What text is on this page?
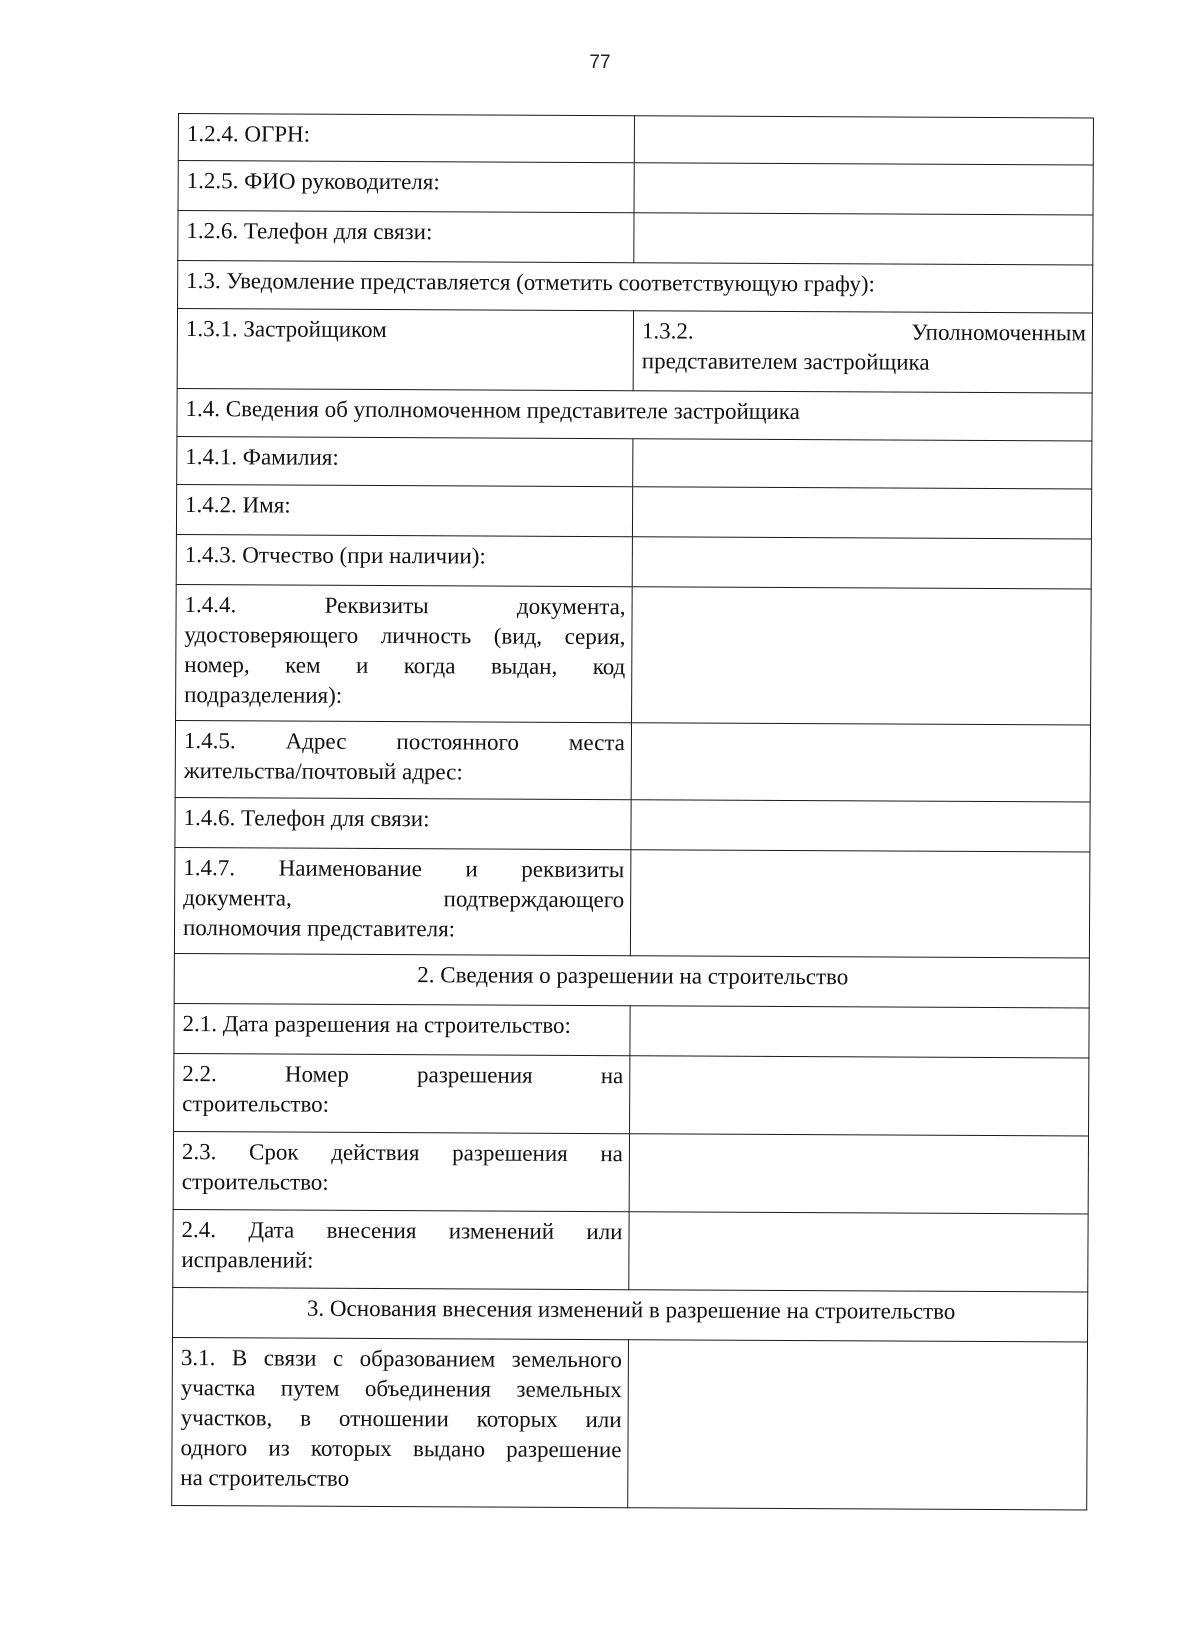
77
1.2.4. ОГРН:	
1.2.5. ФИО руководителя:	
1.2.6. Телефон для связи:	
1.3. Уведомление представляется (отметить соответствующую графу):	
1.3.1. Застройщиком	1.3.2. Уполномоченным
представителем застройщика

1.4. Сведения об уполномоченном представителе застройщика	
1.4.1. Фамилия:	
1.4.2. Имя:	
1.4.3. Отчество (при наличии):	

1.4.4. Реквизиты документа,
удостоверяющего личность (вид, серия,
номер, кем и когда выдан, код
подразделения):	

1.4.5. Адрес постоянного места
жительства/почтовый адрес:	

1.4.6. Телефон для связи:	

1.4.7. Наименование и реквизиты
документа, подтверждающего
полномочия представителя:	

2. Сведения о разрешении на строительство	
2.1. Дата разрешения на строительство:	

2.2. Номер разрешения на
строительство:	

2.3. Срок действия разрешения на
строительство:	

2.4. Дата внесения изменений или
исправлений:	

3. Основания внесения изменений в разрешение на строительство	

3.1. В связи с образованием земельного
участка путем объединения земельных
участков, в отношении которых или
одного из которых выдано разрешение
на строительство	
